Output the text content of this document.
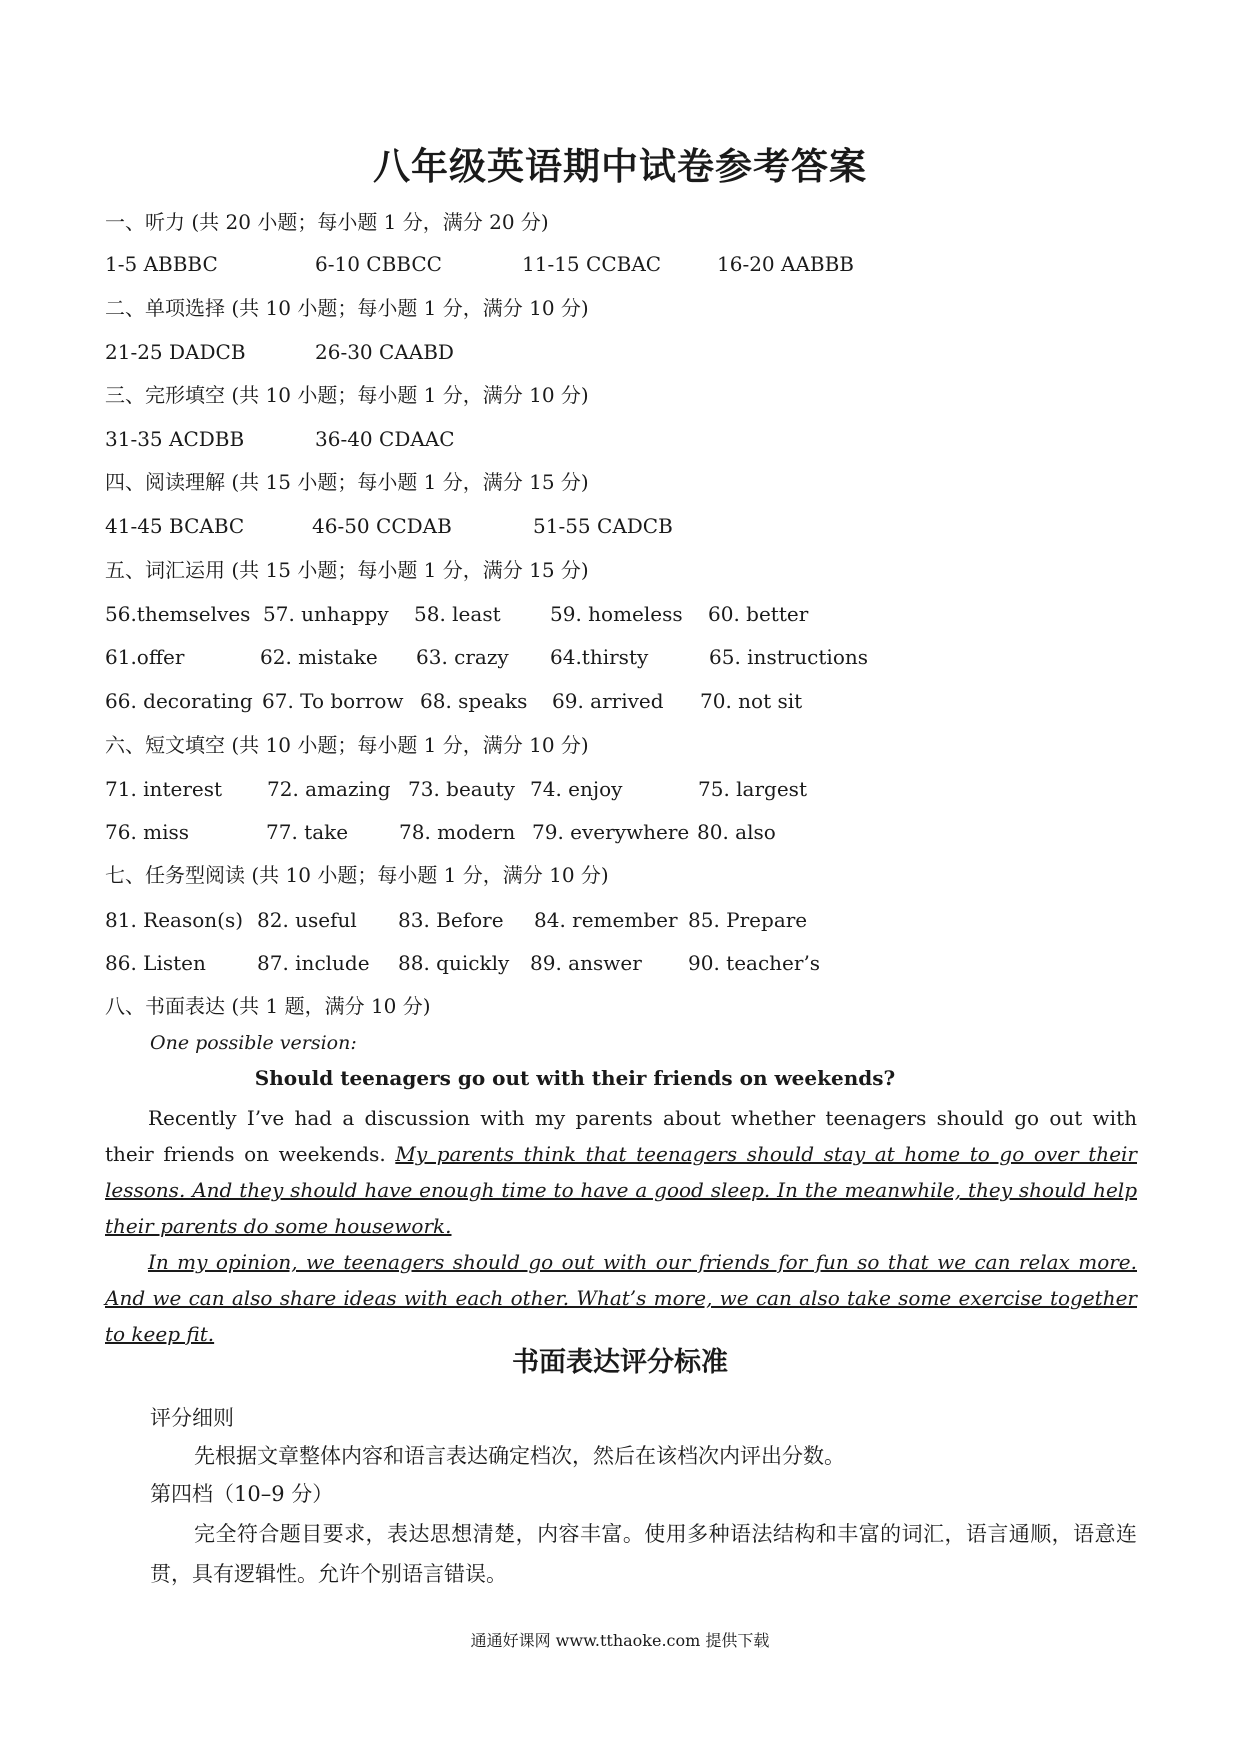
八年级英语期中试卷参考答案
一、听力 (共 20 小题；每小题 1 分，满分 20 分)
1-5 ABBBC	6-10 CBBCC	11-15 CCBAC	16-20 AABBB
二、单项选择 (共 10 小题；每小题 1 分，满分 10 分)
21-25 DADCB	26-30 CAABD
三、完形填空 (共 10 小题；每小题 1 分，满分 10 分)
31-35 ACDBB	36-40 CDAAC
四、阅读理解 (共 15 小题；每小题 1 分，满分 15 分)
41-45 BCABC	46-50 CCDAB	51-55 CADCB
五、词汇运用 (共 15 小题；每小题 1 分，满分 15 分)
56.themselves 57. unhappy 58. least 59. homeless 60. better
61.offer	62. mistake 63. crazy 64.thirsty	65. instructions
66. decorating 67. To borrow 68. speaks 69. arrived 70. not sit
六、短文填空 (共 10 小题；每小题 1 分，满分 10 分)
71. interest 72. amazing 73. beauty 74. enjoy	75. largest
76. miss	77. take	78. modern 79. everywhere 80. also
七、任务型阅读 (共 10 小题；每小题 1 分，满分 10 分)
81. Reason(s) 82. useful 83. Before 84. remember 85. Prepare
86. Listen	87. include 88. quickly 89. answer 90. teacher’s
八、书面表达 (共 1 题，满分 10 分)
One possible version:
Should teenagers go out with their friends on weekends?

Recently I’ve had a discussion with my parents about whether teenagers should go out with their friends on weekends. My parents think that teenagers should stay at home to go over their lessons. And they should have enough time to have a good sleep. In the meanwhile, they should help their parents do some housework.

In my opinion, we teenagers should go out with our friends for fun so that we can relax more. And we can also share ideas with each other. What’s more, we can also take some exercise together to keep fit.

书面表达评分标准
评分细则
先根据文章整体内容和语言表达确定档次，然后在该档次内评出分数。
第四档（10–9 分）

完全符合题目要求，表达思想清楚，内容丰富。使用多种语法结构和丰富的词汇，语言通顺，语意连贯，具有逻辑性。允许个别语言错误。

通通好课网 www.tthaoke.com 提供下载
